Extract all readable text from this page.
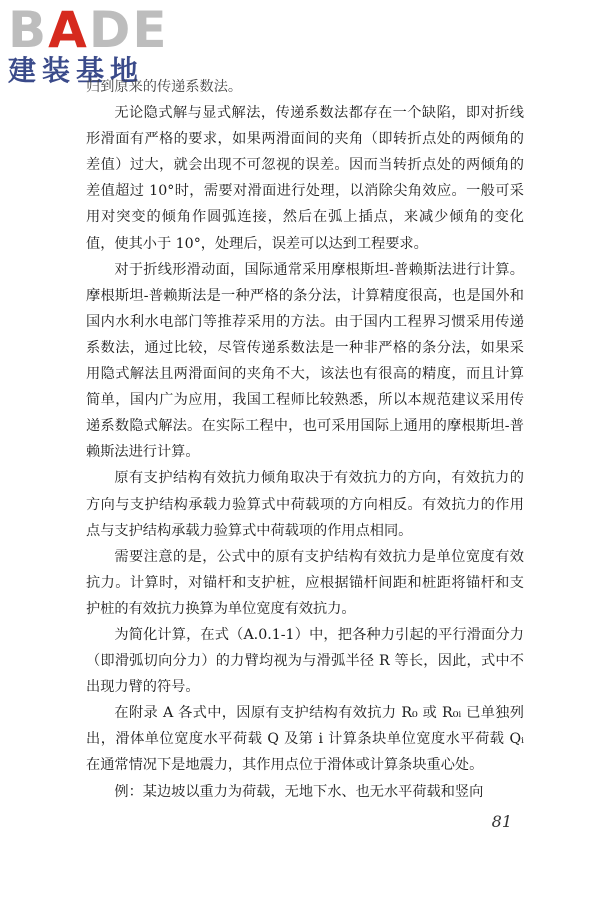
BADE
建装基地

归到原来的传递系数法。

无论隐式解与显式解法，传递系数法都存在一个缺陷，即对折线形滑面有严格的要求，如果两滑面间的夹角（即转折点处的两倾角的差值）过大，就会出现不可忽视的误差。因而当转折点处的两倾角的差值超过 10°时，需要对滑面进行处理，以消除尖角效应。一般可采用对突变的倾角作圆弧连接，然后在弧上插点，来减少倾角的变化值，使其小于 10°，处理后，误差可以达到工程要求。

对于折线形滑动面，国际通常采用摩根斯坦-普赖斯法进行计算。摩根斯坦-普赖斯法是一种严格的条分法，计算精度很高，也是国外和国内水利水电部门等推荐采用的方法。由于国内工程界习惯采用传递系数法，通过比较，尽管传递系数法是一种非严格的条分法，如果采用隐式解法且两滑面间的夹角不大，该法也有很高的精度，而且计算简单，国内广为应用，我国工程师比较熟悉，所以本规范建议采用传递系数隐式解法。在实际工程中，也可采用国际上通用的摩根斯坦-普赖斯法进行计算。

原有支护结构有效抗力倾角取决于有效抗力的方向，有效抗力的方向与支护结构承载力验算式中荷载项的方向相反。有效抗力的作用点与支护结构承载力验算式中荷载项的作用点相同。

需要注意的是，公式中的原有支护结构有效抗力是单位宽度有效抗力。计算时，对锚杆和支护桩，应根据锚杆间距和桩距将锚杆和支护桩的有效抗力换算为单位宽度有效抗力。

为简化计算，在式（A.0.1-1）中，把各种力引起的平行滑面分力（即滑弧切向分力）的力臂均视为与滑弧半径 R 等长，因此，式中不出现力臂的符号。

在附录 A 各式中，因原有支护结构有效抗力 R₀ 或 R₀ᵢ 已单独列出，滑体单位宽度水平荷载 Q 及第 i 计算条块单位宽度水平荷载 Qᵢ 在通常情况下是地震力，其作用点位于滑体或计算条块重心处。

例：某边坡以重力为荷载，无地下水、也无水平荷载和竖向

81
